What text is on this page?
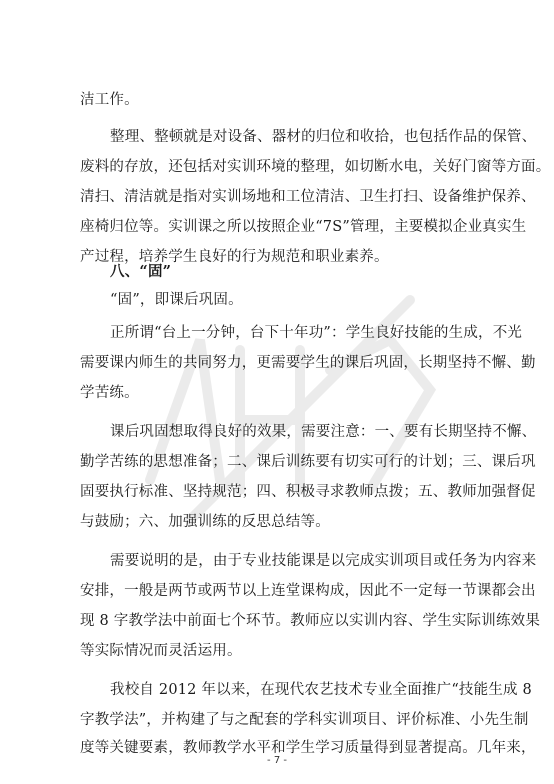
洁工作。
整理、整顿就是对设备、器材的归位和收拾，也包括作品的保管、
废料的存放，还包括对实训环境的整理，如切断水电，关好门窗等方面。
清扫、清洁就是指对实训场地和工位清洁、卫生打扫、设备维护保养、
座椅归位等。实训课之所以按照企业“7S”管理，主要模拟企业真实生
产过程，培养学生良好的行为规范和职业素养。
八、“固”
“固”，即课后巩固。
正所谓“台上一分钟，台下十年功”：学生良好技能的生成，不光
需要课内师生的共同努力，更需要学生的课后巩固，长期坚持不懈、勤
学苦练。
课后巩固想取得良好的效果，需要注意：一、要有长期坚持不懈、
勤学苦练的思想准备；二、课后训练要有切实可行的计划；三、课后巩
固要执行标准、坚持规范；四、积极寻求教师点拨；五、教师加强督促
与鼓励；六、加强训练的反思总结等。
需要说明的是，由于专业技能课是以完成实训项目或任务为内容来
安排，一般是两节或两节以上连堂课构成，因此不一定每一节课都会出
现 8 字教学法中前面七个环节。教师应以实训内容、学生实际训练效果
等实际情况而灵活运用。
我校自 2012 年以来，在现代农艺技术专业全面推广“技能生成 8
字教学法”，并构建了与之配套的学科实训项目、评价标准、小先生制
度等关键要素，教师教学水平和学生学习质量得到显著提高。几年来，
- 7 -
